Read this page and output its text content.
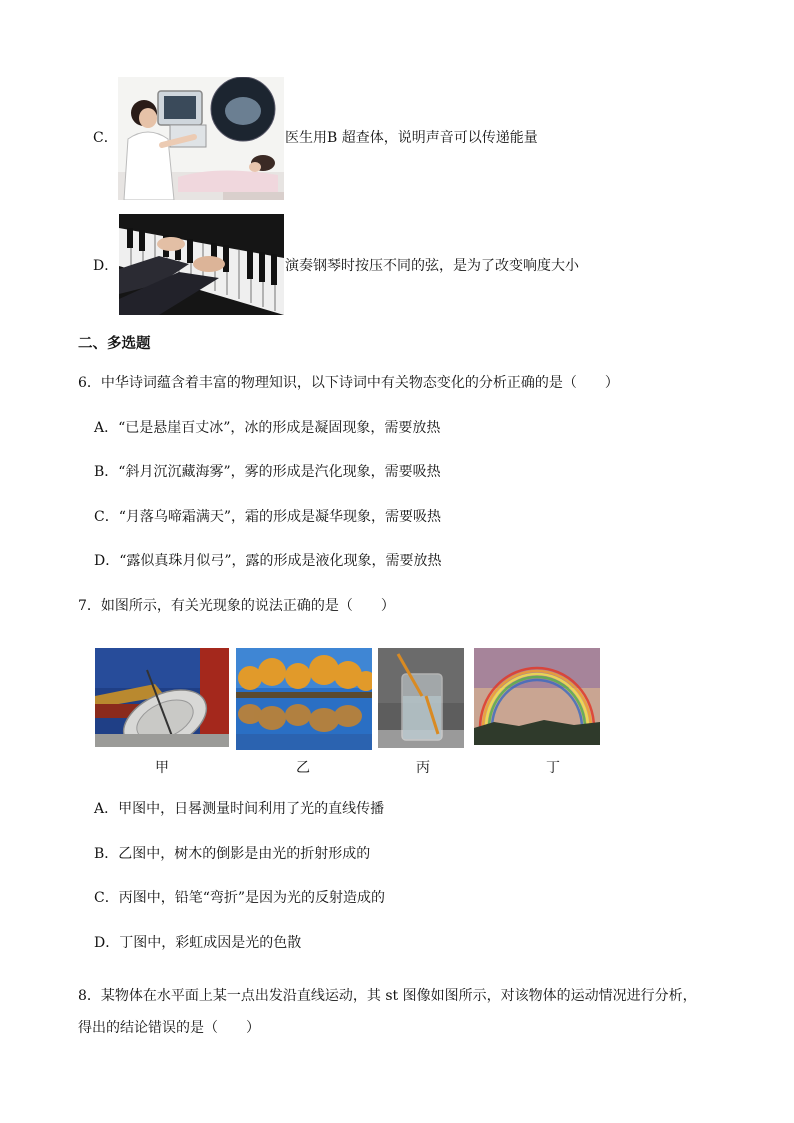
C．	医生用B 超查体，说明声音可以传递能量
D．	演奏钢琴时按压不同的弦，是为了改变响度大小
二、多选题
6．中华诗词蕴含着丰富的物理知识，以下诗词中有关物态变化的分析正确的是（　　）
A．“已是悬崖百丈冰”，冰的形成是凝固现象，需要放热
B．“斜月沉沉藏海雾”，雾的形成是汽化现象，需要吸热
C．“月落乌啼霜满天”，霜的形成是凝华现象，需要吸热
D．“露似真珠月似弓”，露的形成是液化现象，需要放热
7．如图所示，有关光现象的说法正确的是（　　）
甲	乙	丙	丁
A．甲图中，日晷测量时间利用了光的直线传播
B．乙图中，树木的倒影是由光的折射形成的
C．丙图中，铅笔“弯折”是因为光的反射造成的
D．丁图中，彩虹成因是光的色散
8．某物体在水平面上某一点出发沿直线运动，其 st 图像如图所示，对该物体的运动情况进行分析，
得出的结论错误的是（　　）
